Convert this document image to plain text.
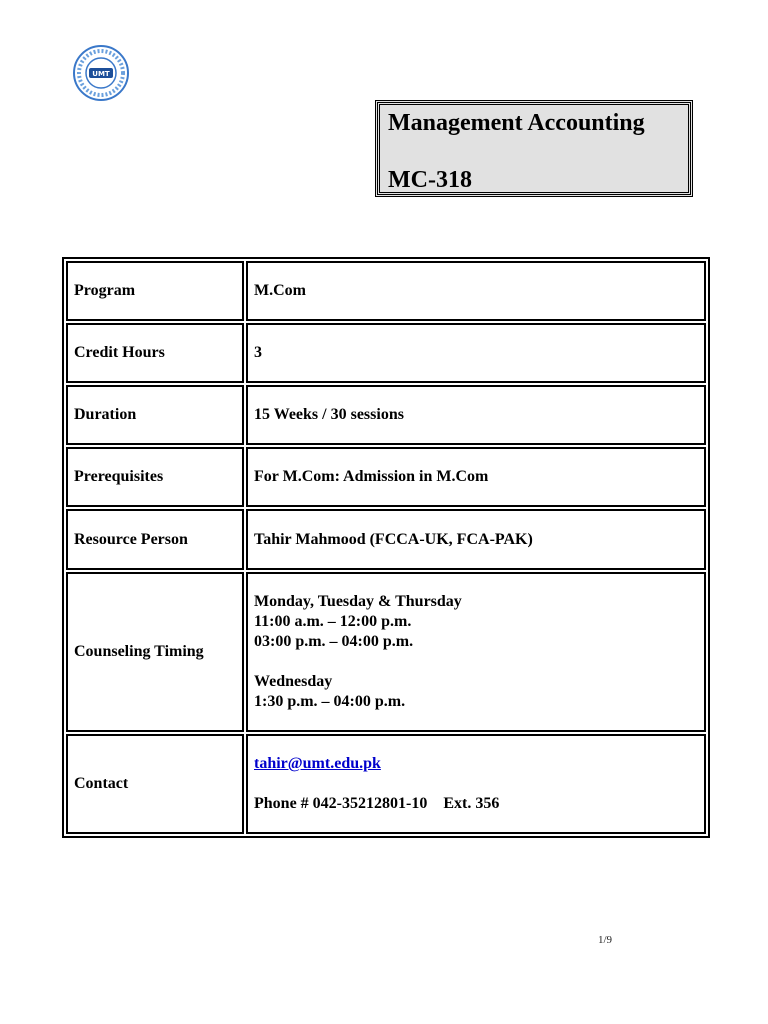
UMT
Management Accounting
MC-318
Program	M.Com
Credit Hours	3
Duration	15 Weeks / 30 sessions
Prerequisites	For M.Com: Admission in M.Com
Resource Person	Tahir Mahmood (FCCA-UK, FCA-PAK)
Counseling Timing	Monday, Tuesday & Thursday
11:00 a.m. – 12:00 p.m.
03:00 p.m. – 04:00 p.m.
Wednesday
1:30 p.m. – 04:00 p.m.

Contact	tahir@umt.edu.pk
Phone # 042-35212801-10    Ext. 356
1/9
